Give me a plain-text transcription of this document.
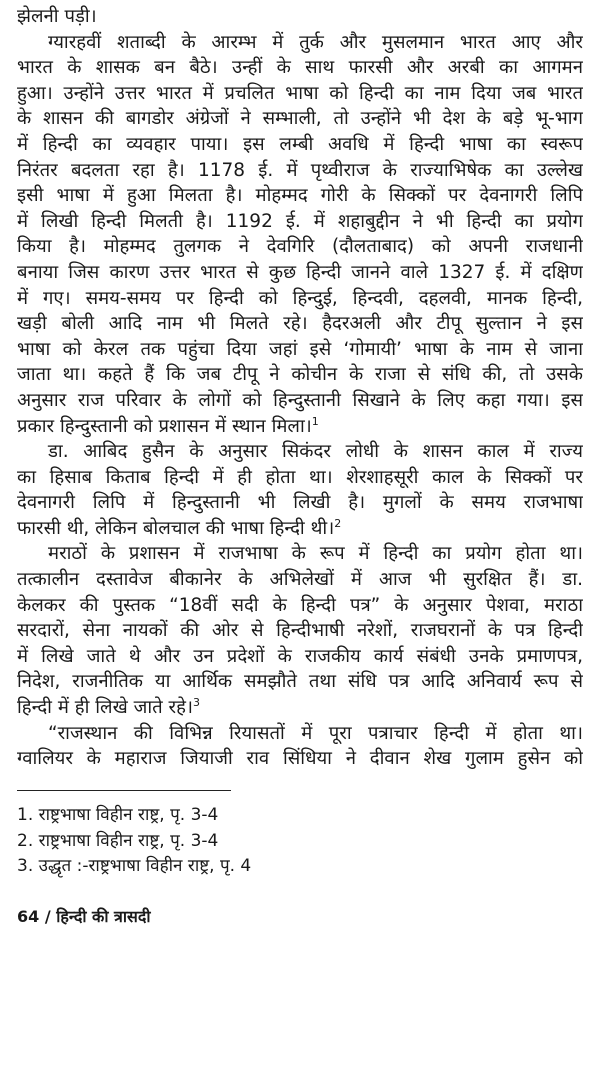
झेलनी पड़ी।
ग्यारहवीं शताब्दी के आरम्भ में तुर्क और मुसलमान भारत आए और
भारत के शासक बन बैठे। उन्हीं के साथ फारसी और अरबी का आगमन
हुआ। उन्होंने उत्तर भारत में प्रचलित भाषा को हिन्दी का नाम दिया जब भारत
के शासन की बागडोर अंग्रेजों ने सम्भाली, तो उन्होंने भी देश के बड़े भू-भाग
में हिन्दी का व्यवहार पाया। इस लम्बी अवधि में हिन्दी भाषा का स्वरूप
निरंतर बदलता रहा है। 1178 ई. में पृथ्वीराज के राज्याभिषेक का उल्लेख
इसी भाषा में हुआ मिलता है। मोहम्मद गोरी के सिक्कों पर देवनागरी लिपि
में लिखी हिन्दी मिलती है। 1192 ई. में शहाबुद्दीन ने भी हिन्दी का प्रयोग
किया है। मोहम्मद तुलगक ने देवगिरि (दौलताबाद) को अपनी राजधानी
बनाया जिस कारण उत्तर भारत से कुछ हिन्दी जानने वाले 1327 ई. में दक्षिण
में गए। समय-समय पर हिन्दी को हिन्दुई, हिन्दवी, दहलवी, मानक हिन्दी,
खड़ी बोली आदि नाम भी मिलते रहे। हैदरअली और टीपू सुल्तान ने इस
भाषा को केरल तक पहुंचा दिया जहां इसे ‘गोमायी’ भाषा के नाम से जाना
जाता था। कहते हैं कि जब टीपू ने कोचीन के राजा से संधि की, तो उसके
अनुसार राज परिवार के लोगों को हिन्दुस्तानी सिखाने के लिए कहा गया। इस
प्रकार हिन्दुस्तानी को प्रशासन में स्थान मिला।$^1$
डा. आबिद हुसैन के अनुसार सिकंदर लोधी के शासन काल में राज्य
का हिसाब किताब हिन्दी में ही होता था। शेरशाहसूरी काल के सिक्कों पर
देवनागरी लिपि में हिन्दुस्तानी भी लिखी है। मुगलों के समय राजभाषा
फारसी थी, लेकिन बोलचाल की भाषा हिन्दी थी।$^2$
मराठों के प्रशासन में राजभाषा के रूप में हिन्दी का प्रयोग होता था।
तत्कालीन दस्तावेज बीकानेर के अभिलेखों में आज भी सुरक्षित हैं। डा.
केलकर की पुस्तक “18वीं सदी के हिन्दी पत्र” के अनुसार पेशवा, मराठा
सरदारों, सेना नायकों की ओर से हिन्दीभाषी नरेशों, राजघरानों के पत्र हिन्दी
में लिखे जाते थे और उन प्रदेशों के राजकीय कार्य संबंधी उनके प्रमाणपत्र,
निदेश, राजनीतिक या आर्थिक समझौते तथा संधि पत्र आदि अनिवार्य रूप से
हिन्दी में ही लिखे जाते रहे।$^3$
“राजस्थान की विभिन्न रियासतों में पूरा पत्राचार हिन्दी में होता था।
ग्वालियर के महाराज जियाजी राव सिंधिया ने दीवान शेख गुलाम हुसेन को
1. राष्ट्रभाषा विहीन राष्ट्र, पृ. 3-4
2. राष्ट्रभाषा विहीन राष्ट्र, पृ. 3-4
3. उद्धृत :-राष्ट्रभाषा विहीन राष्ट्र, पृ. 4
64 / हिन्दी की त्रासदी
